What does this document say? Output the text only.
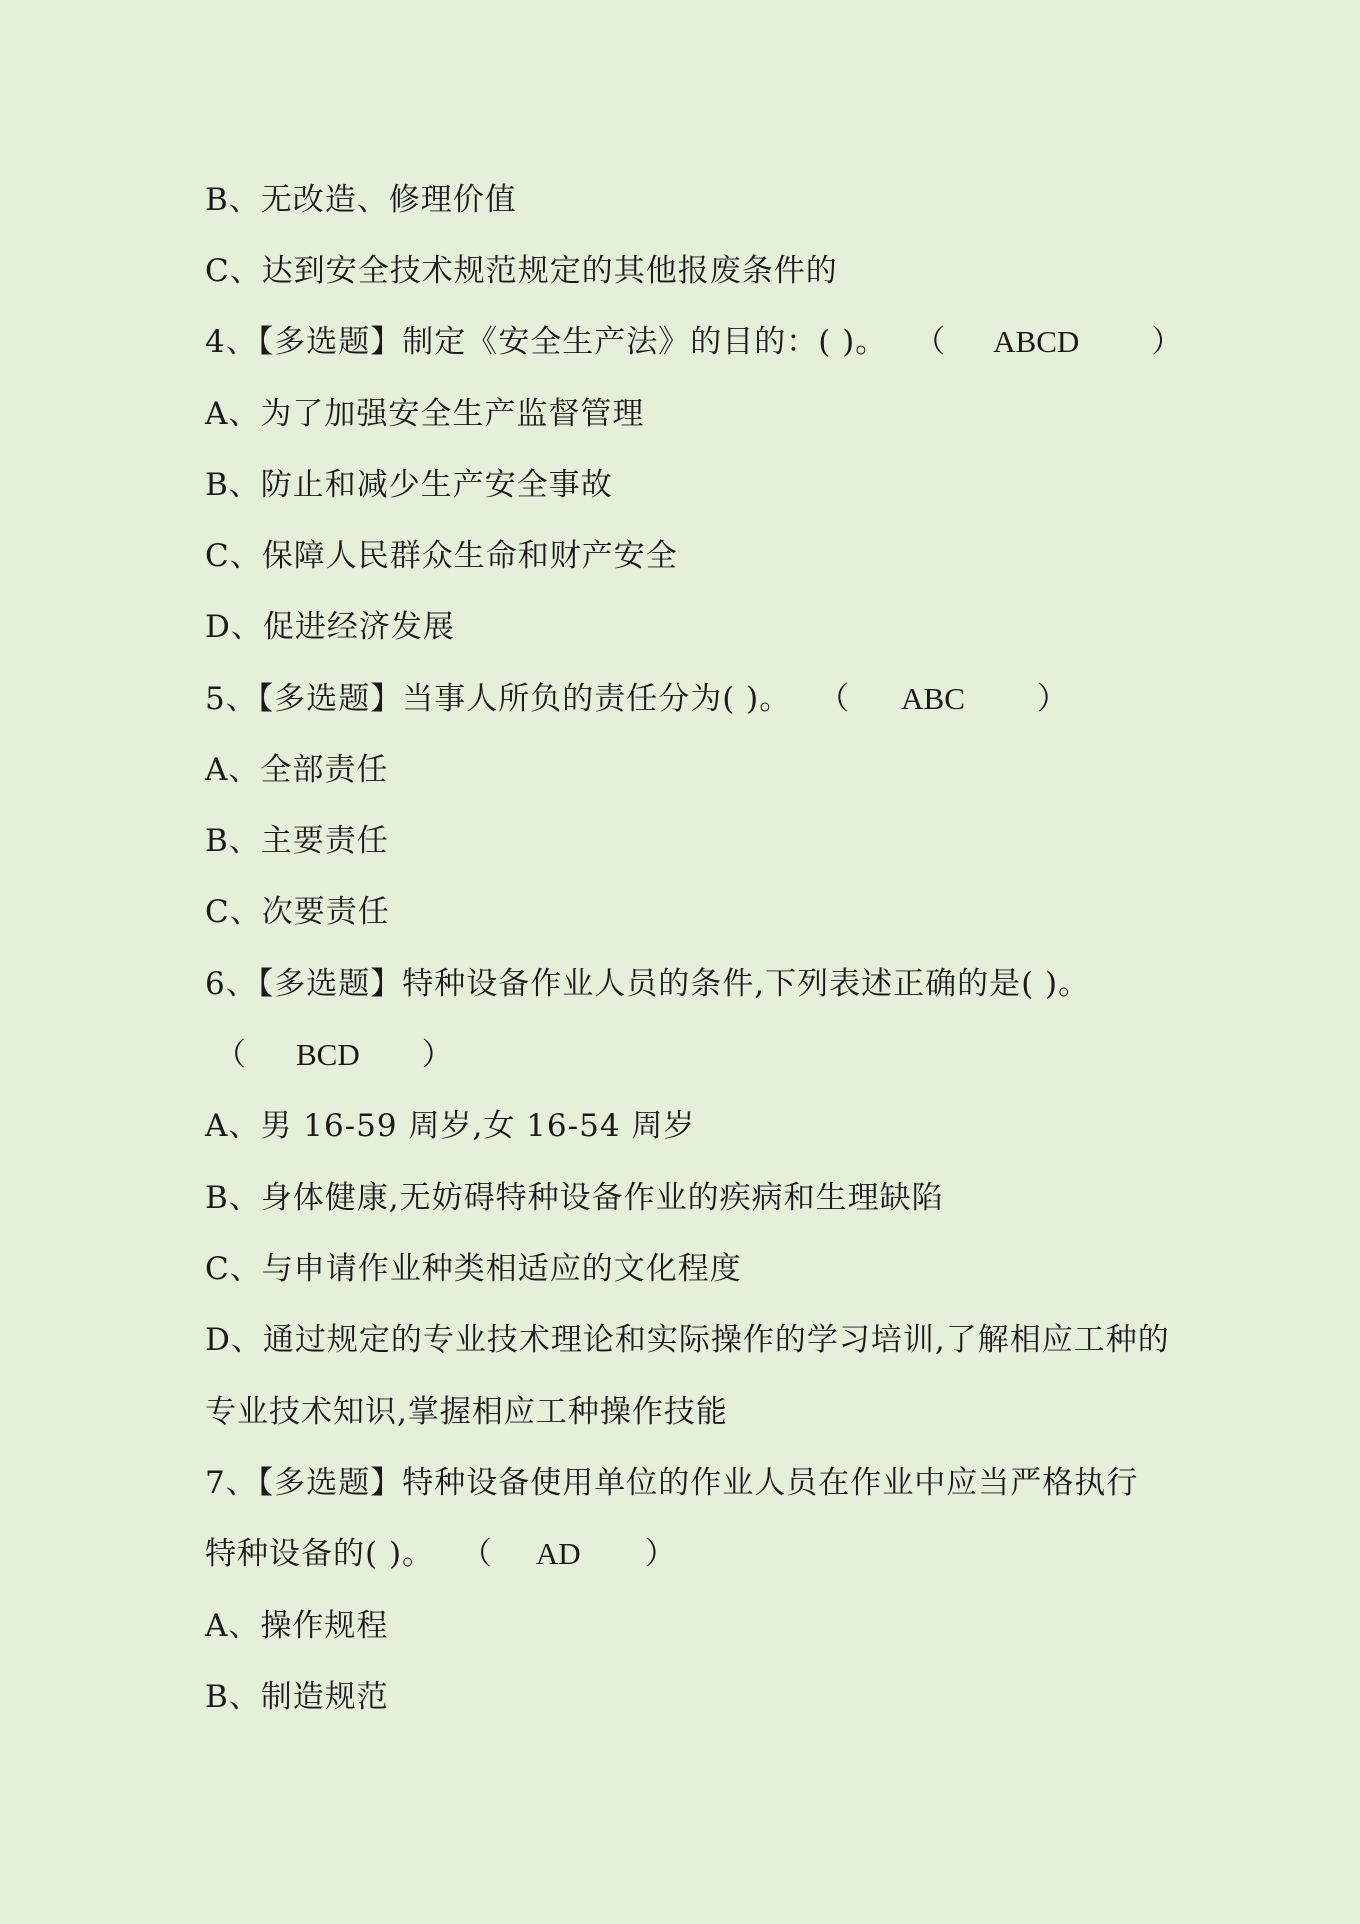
B、无改造、修理价值
C、达到安全技术规范规定的其他报废条件的
4、【多选题】制定《安全生产法》的目的：( )。 （ ABCD ）
A、为了加强安全生产监督管理
B、防止和减少生产安全事故
C、保障人民群众生命和财产安全
D、促进经济发展
5、【多选题】当事人所负的责任分为( )。 （ ABC ）
A、全部责任
B、主要责任
C、次要责任
6、【多选题】特种设备作业人员的条件,下列表述正确的是( )。
（ BCD ）
A、男 16-59 周岁,女 16-54 周岁
B、身体健康,无妨碍特种设备作业的疾病和生理缺陷
C、与申请作业种类相适应的文化程度
D、通过规定的专业技术理论和实际操作的学习培训,了解相应工种的
专业技术知识,掌握相应工种操作技能
7、【多选题】特种设备使用单位的作业人员在作业中应当严格执行
特种设备的( )。 （ AD ）
A、操作规程
B、制造规范
